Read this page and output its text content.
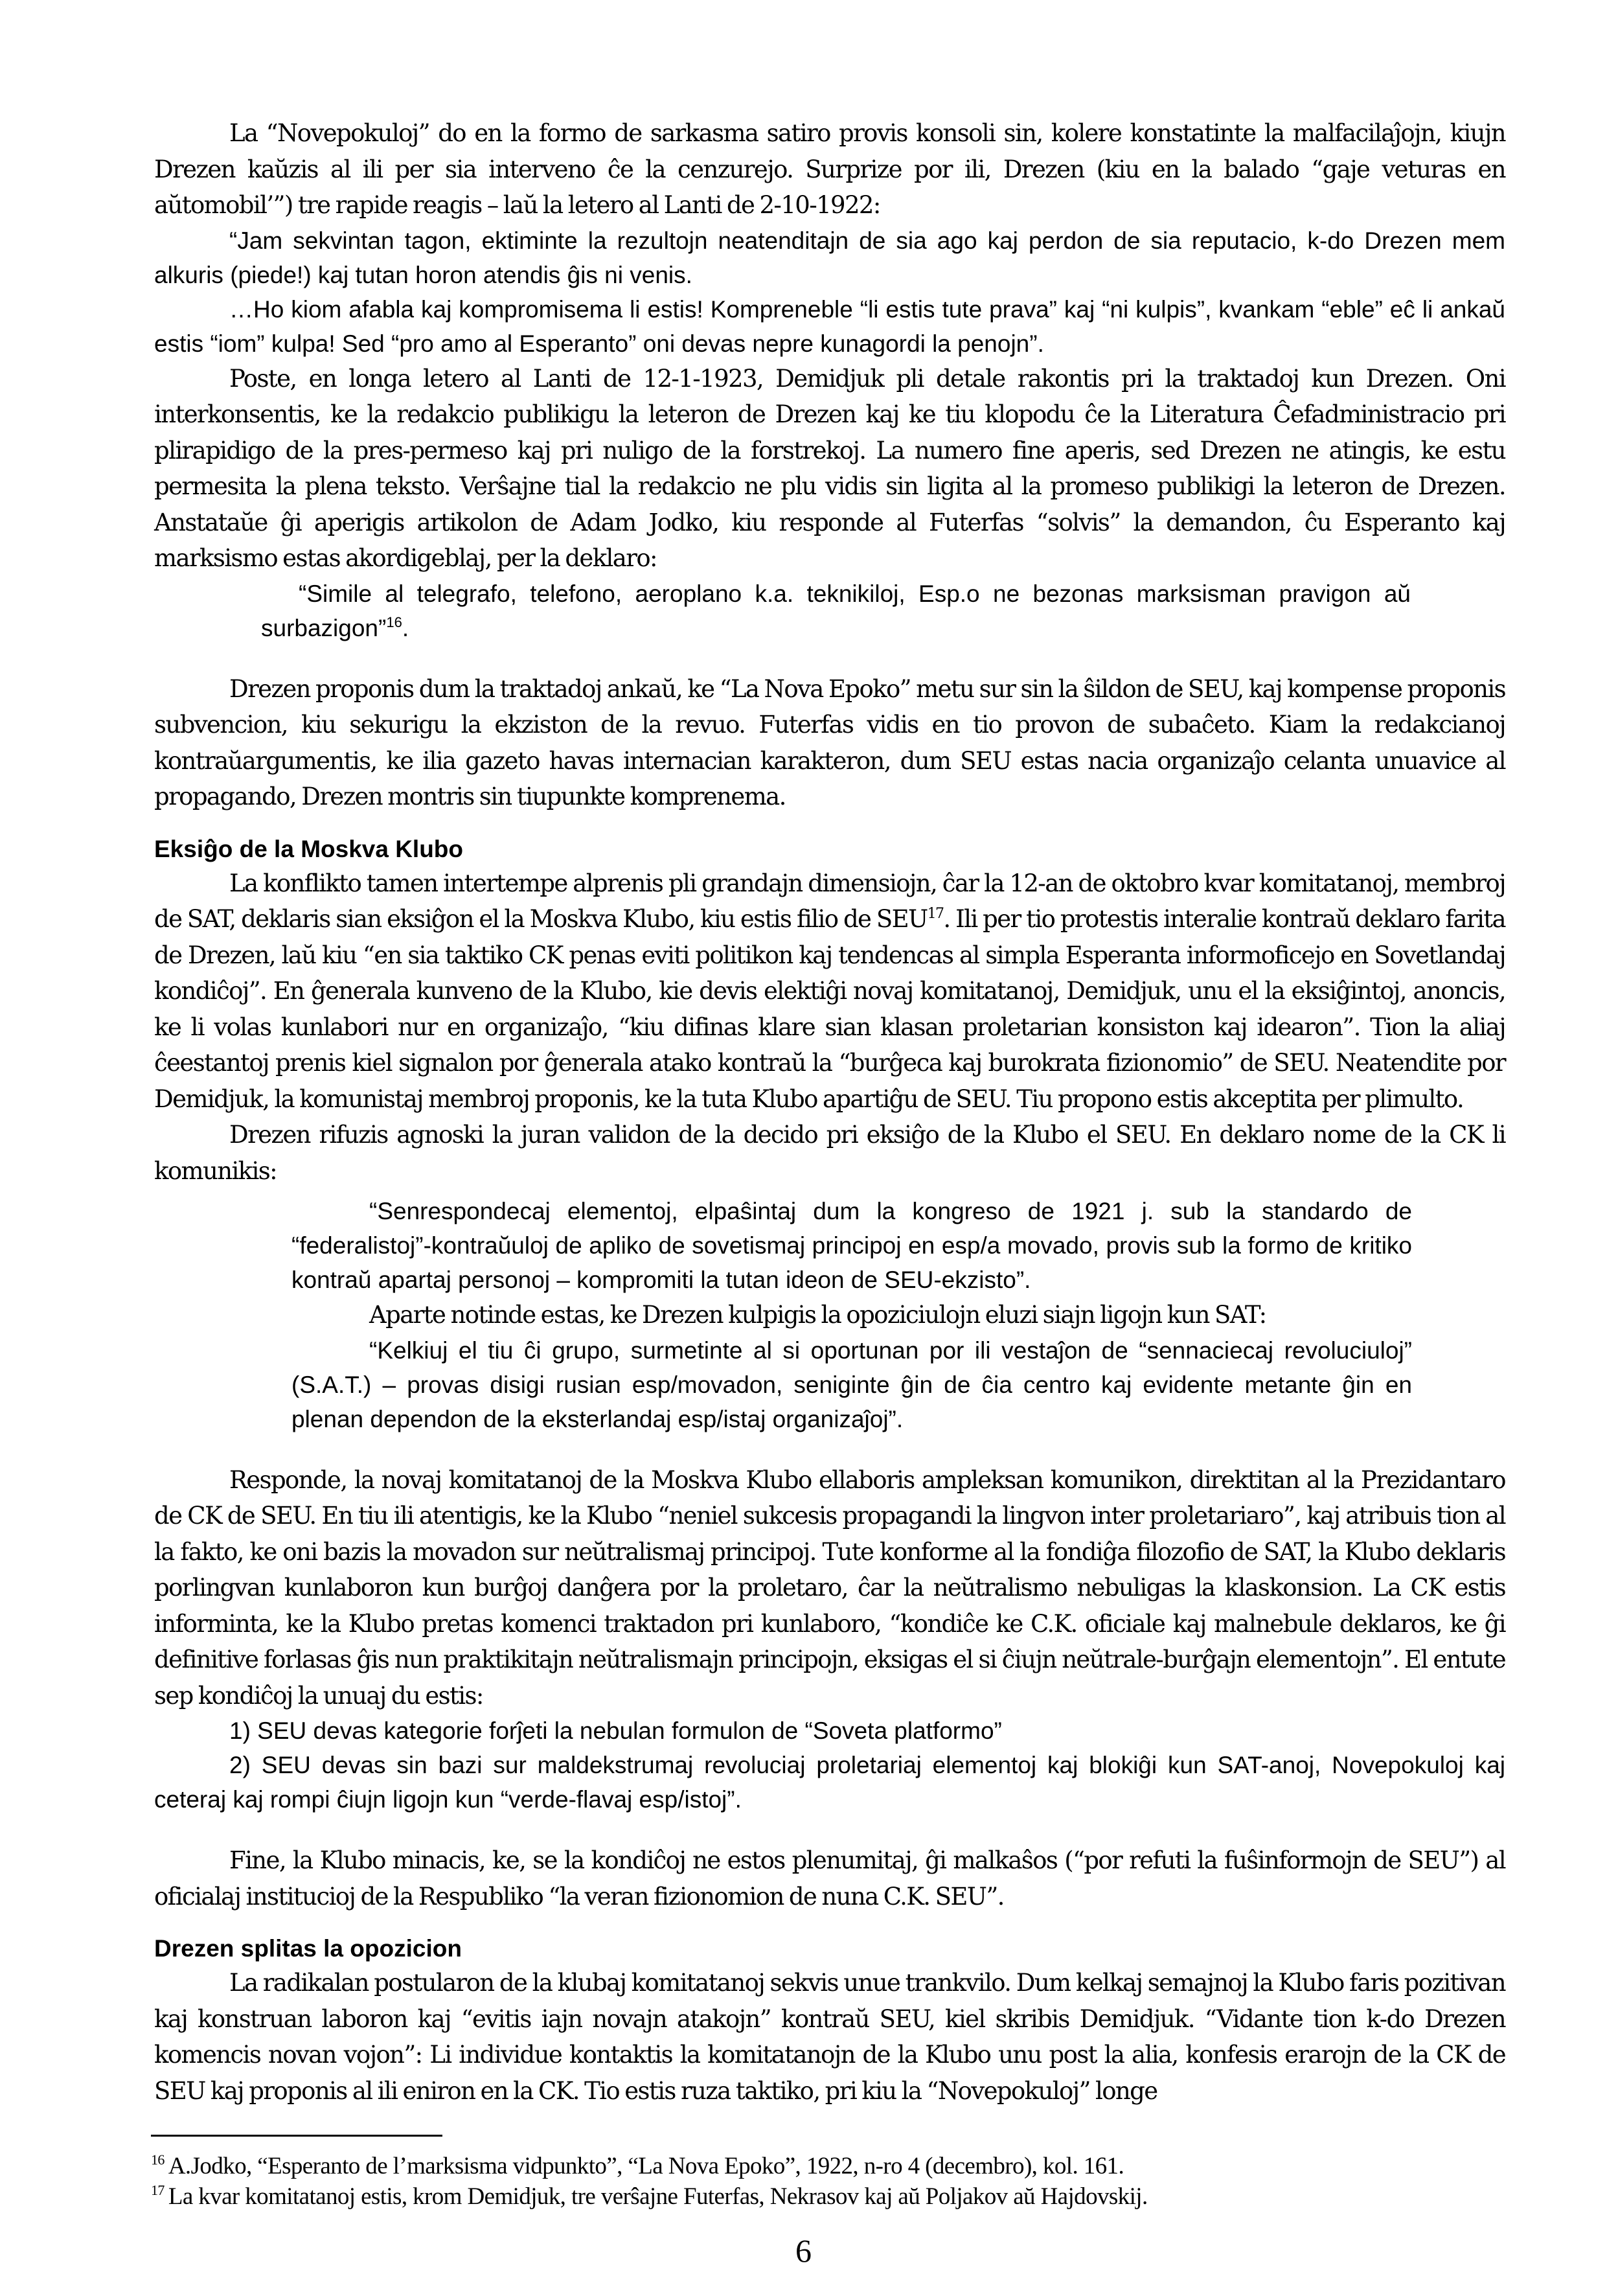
La “Novepokuloj” do en la formo de sarkasma satiro provis konsoli sin, kolere konstatinte la malfacilaĵojn, kiujn Drezen kaŭzis al ili per sia interveno ĉe la cenzurejo. Surprize por ili, Drezen (kiu en la balado “gaje veturas en aŭtomobil’”) tre rapide reagis – laŭ la letero al Lanti de 2-10-1922:

“Jam sekvintan tagon, ektiminte la rezultojn neatenditajn de sia ago kaj perdon de sia reputacio, k-do Drezen mem alkuris (piede!) kaj tutan horon atendis ĝis ni venis.

…Ho kiom afabla kaj kompromisema li estis! Kompreneble “li estis tute prava” kaj “ni kulpis”, kvankam “eble” eĉ li ankaŭ estis “iom” kulpa! Sed “pro amo al Esperanto” oni devas nepre kunagordi la penojn”.

Poste, en longa letero al Lanti de 12-1-1923, Demidjuk pli detale rakontis pri la traktadoj kun Drezen. Oni interkonsentis, ke la redakcio publikigu la leteron de Drezen kaj ke tiu klopodu ĉe la Literatura Ĉefadministracio pri plirapidigo de la pres-permeso kaj pri nuligo de la forstrekoj. La numero fine aperis, sed Drezen ne atingis, ke estu permesita la plena teksto. Verŝajne tial la redakcio ne plu vidis sin ligita al la promeso publikigi la leteron de Drezen. Anstataŭe ĝi aperigis artikolon de Adam Jodko, kiu responde al Futerfas “solvis” la demandon, ĉu Esperanto kaj marksismo estas akordigeblaj, per la deklaro:

“Simile al telegrafo, telefono, aeroplano k.a. teknikiloj, Esp.o ne bezonas marksisman pravigon aŭ surbazigon”$^{16}$.

Drezen proponis dum la traktadoj ankaŭ, ke “La Nova Epoko” metu sur sin la ŝildon de SEU, kaj kompense proponis subvencion, kiu sekurigu la ekziston de la revuo. Futerfas vidis en tio provon de subaĉeto. Kiam la redakcianoj kontraŭargumentis, ke ilia gazeto havas internacian karakteron, dum SEU estas nacia organizaĵo celanta unuavice al propagando, Drezen montris sin tiupunkte komprenema.

Eksiĝo de la Moskva Klubo

La konflikto tamen intertempe alprenis pli grandajn dimensiojn, ĉar la 12-an de oktobro kvar komitatanoj, membroj de SAT, deklaris sian eksiĝon el la Moskva Klubo, kiu estis filio de SEU$^{17}$. Ili per tio protestis interalie kontraŭ deklaro farita de Drezen, laŭ kiu “en sia taktiko CK penas eviti politikon kaj tendencas al simpla Esperanta informoficejo en Sovetlandaj kondiĉoj”. En ĝenerala kunveno de la Klubo, kie devis elektiĝi novaj komitatanoj, Demidjuk, unu el la eksiĝintoj, anoncis, ke li volas kunlabori nur en organizaĵo, “kiu difinas klare sian klasan proletarian konsiston kaj idearon”. Tion la aliaj ĉeestantoj prenis kiel signalon por ĝenerala atako kontraŭ la “burĝeca kaj burokrata fizionomio” de SEU. Neatendite por Demidjuk, la komunistaj membroj proponis, ke la tuta Klubo apartiĝu de SEU. Tiu propono estis akceptita per plimulto.

Drezen rifuzis agnoski la juran validon de la decido pri eksiĝo de la Klubo el SEU. En deklaro nome de la CK li komunikis:

“Senrespondecaj elementoj, elpaŝintaj dum la kongreso de 1921 j. sub la standardo de “federalistoj”-kontraŭuloj de apliko de sovetismaj principoj en esp/a movado, provis sub la formo de kritiko kontraŭ apartaj personoj – kompromiti la tutan ideon de SEU-ekzisto”.

Aparte notinde estas, ke Drezen kulpigis la opoziciulojn eluzi siajn ligojn kun SAT:

“Kelkiuj el tiu ĉi grupo, surmetinte al si oportunan por ili vestaĵon de “sennaciecaj revoluciuloj” (S.A.T.) – provas disigi rusian esp/movadon, seniginte ĝin de ĉia centro kaj evidente metante ĝin en plenan dependon de la eksterlandaj esp/istaj organizaĵoj”.

Responde, la novaj komitatanoj de la Moskva Klubo ellaboris ampleksan komunikon, direktitan al la Prezidantaro de CK de SEU. En tiu ili atentigis, ke la Klubo “neniel sukcesis propagandi la lingvon inter proletariaro”, kaj atribuis tion al la fakto, ke oni bazis la movadon sur neŭtralismaj principoj. Tute konforme al la fondiĝa filozofio de SAT, la Klubo deklaris porlingvan kunlaboron kun burĝoj danĝera por la proletaro, ĉar la neŭtralismo nebuligas la klaskonsion. La CK estis informinta, ke la Klubo pretas komenci traktadon pri kunlaboro, “kondiĉe ke C.K. oficiale kaj malnebule deklaros, ke ĝi definitive forlasas ĝis nun praktikitajn neŭtralismajn principojn, eksigas el si ĉiujn neŭtrale-burĝajn elementojn”. El entute sep kondiĉoj la unuaj du estis:

1) SEU devas kategorie forĵeti la nebulan formulon de “Soveta platformo”

2) SEU devas sin bazi sur maldekstrumaj revoluciaj proletariaj elementoj kaj blokiĝi kun SAT-anoj, Novepokuloj kaj ceteraj kaj rompi ĉiujn ligojn kun “verde-flavaj esp/istoj”.

Fine, la Klubo minacis, ke, se la kondiĉoj ne estos plenumitaj, ĝi malkaŝos (“por refuti la fuŝinformojn de SEU”) al oficialaj institucioj de la Respubliko “la veran fizionomion de nuna C.K. SEU”.

Drezen splitas la opozicion

La radikalan postularon de la klubaj komitatanoj sekvis unue trankvilo. Dum kelkaj semajnoj la Klubo faris pozitivan kaj konstruan laboron kaj “evitis iajn novajn atakojn” kontraŭ SEU, kiel skribis Demidjuk. “Vidante tion k-do Drezen komencis novan vojon”: Li individue kontaktis la komitatanojn de la Klubo unu post la alia, konfesis erarojn de la CK de SEU kaj proponis al ili eniron en la CK. Tio estis ruza taktiko, pri kiu la “Novepokuloj” longe

$^{16}$ A.Jodko, “Esperanto de l’marksisma vidpunkto”, “La Nova Epoko”, 1922, n-ro 4 (decembro), kol. 161.
$^{17}$ La kvar komitatanoj estis, krom Demidjuk, tre verŝajne Futerfas, Nekrasov kaj aŭ Poljakov aŭ Hajdovskij.
6
